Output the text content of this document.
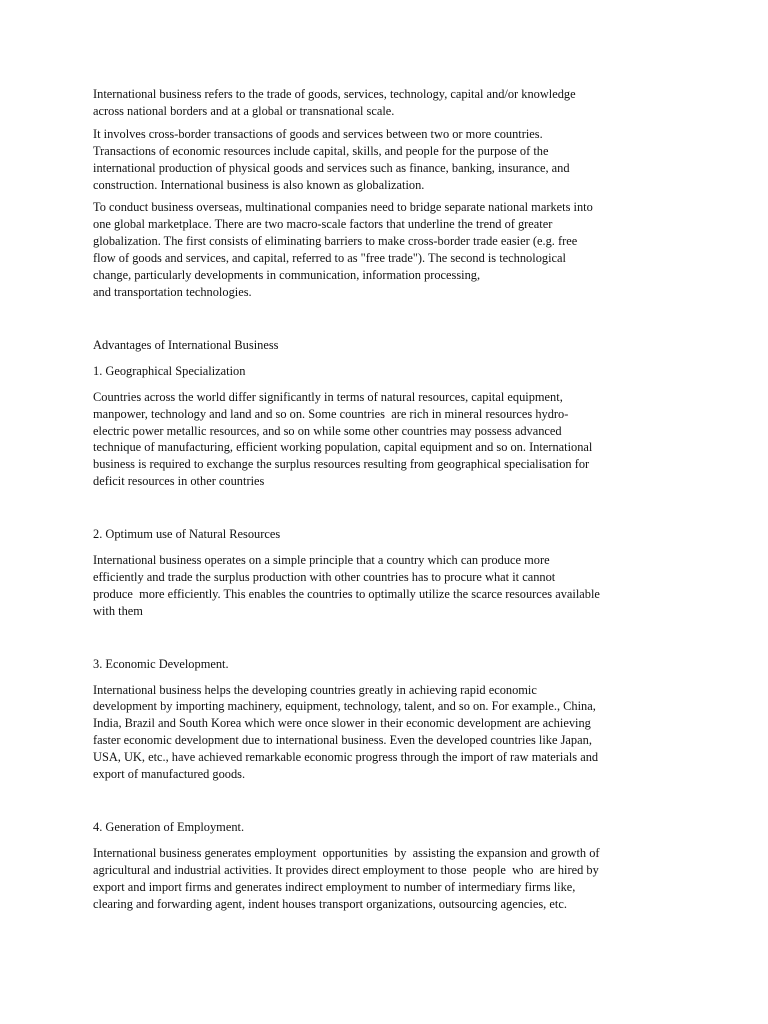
International business refers to the trade of goods, services, technology, capital and/or knowledge
across national borders and at a global or transnational scale.
It involves cross-border transactions of goods and services between two or more countries.
Transactions of economic resources include capital, skills, and people for the purpose of the
international production of physical goods and services such as finance, banking, insurance, and
construction. International business is also known as globalization.
To conduct business overseas, multinational companies need to bridge separate national markets into
one global marketplace. There are two macro-scale factors that underline the trend of greater
globalization. The first consists of eliminating barriers to make cross-border trade easier (e.g. free
flow of goods and services, and capital, referred to as "free trade"). The second is technological
change, particularly developments in communication, information processing,
and transportation technologies.
Advantages of International Business
1. Geographical Specialization
Countries across the world differ significantly in terms of natural resources, capital equipment,
manpower, technology and land and so on. Some countries  are rich in mineral resources hydro-
electric power metallic resources, and so on while some other countries may possess advanced
technique of manufacturing, efficient working population, capital equipment and so on. International
business is required to exchange the surplus resources resulting from geographical specialisation for
deficit resources in other countries
2. Optimum use of Natural Resources
International business operates on a simple principle that a country which can produce more
efficiently and trade the surplus production with other countries has to procure what it cannot
produce  more efficiently. This enables the countries to optimally utilize the scarce resources available
with them
3. Economic Development.
International business helps the developing countries greatly in achieving rapid economic
development by importing machinery, equipment, technology, talent, and so on. For example., China,
India, Brazil and South Korea which were once slower in their economic development are achieving
faster economic development due to international business. Even the developed countries like Japan,
USA, UK, etc., have achieved remarkable economic progress through the import of raw materials and
export of manufactured goods.
4. Generation of Employment.
International business generates employment  opportunities  by  assisting the expansion and growth of
agricultural and industrial activities. It provides direct employment to those  people  who  are hired by
export and import firms and generates indirect employment to number of intermediary firms like,
clearing and forwarding agent, indent houses transport organizations, outsourcing agencies, etc.
